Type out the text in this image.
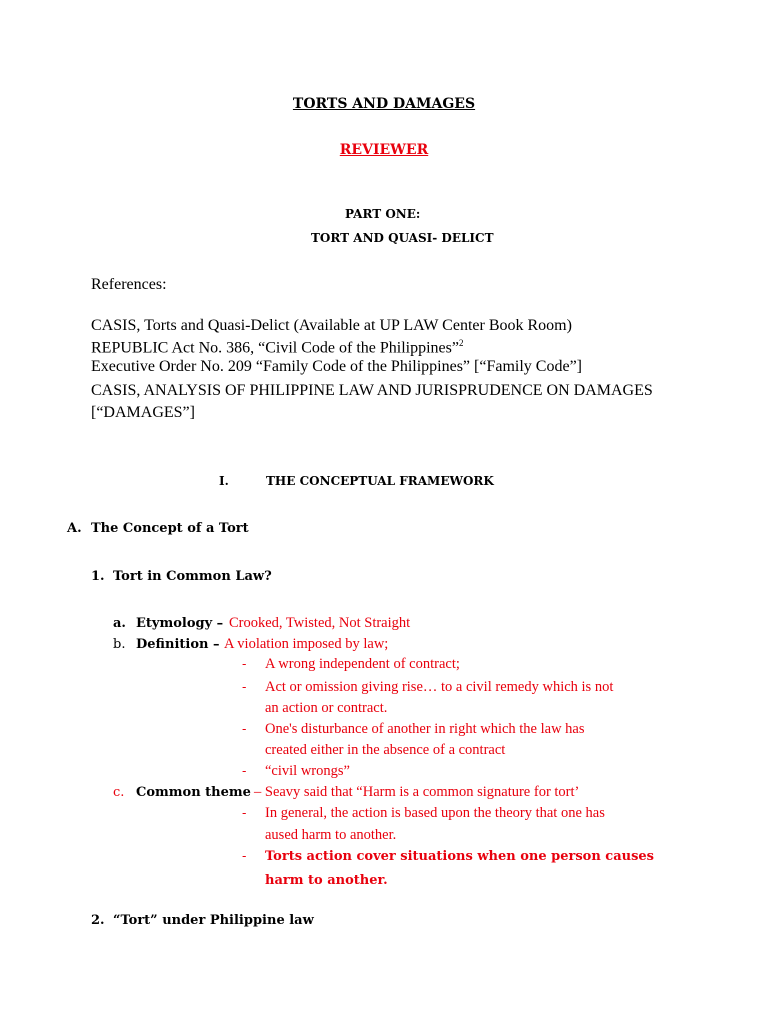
TORTS AND DAMAGES
REVIEWER
PART ONE:
TORT AND QUASI- DELICT
References:
CASIS, Torts and Quasi-Delict (Available at UP LAW Center Book Room)
REPUBLIC Act No. 386, “Civil Code of the Philippines”$^2$
Executive Order No. 209 “Family Code of the Philippines” [“Family Code”]
CASIS, ANALYSIS OF PHILIPPINE LAW AND JURISPRUDENCE ON DAMAGES
[“DAMAGES”]
I.	THE CONCEPTUAL FRAMEWORK
A. The Concept of a Tort
1. Tort in Common Law?
a. Etymology – Crooked, Twisted, Not Straight
b. Definition – A violation imposed by law;
- A wrong independent of contract;
- Act or omission giving rise… to a civil remedy which is not
an action or contract.
- One's disturbance of another in right which the law has
created either in the absence of a contract
- “civil wrongs”
c. Common theme – Seavy said that “Harm is a common signature for tort’
- In general, the action is based upon the theory that one has
aused harm to another.
- Torts action cover situations when one person causes
harm to another.
2. “Tort” under Philippine law
